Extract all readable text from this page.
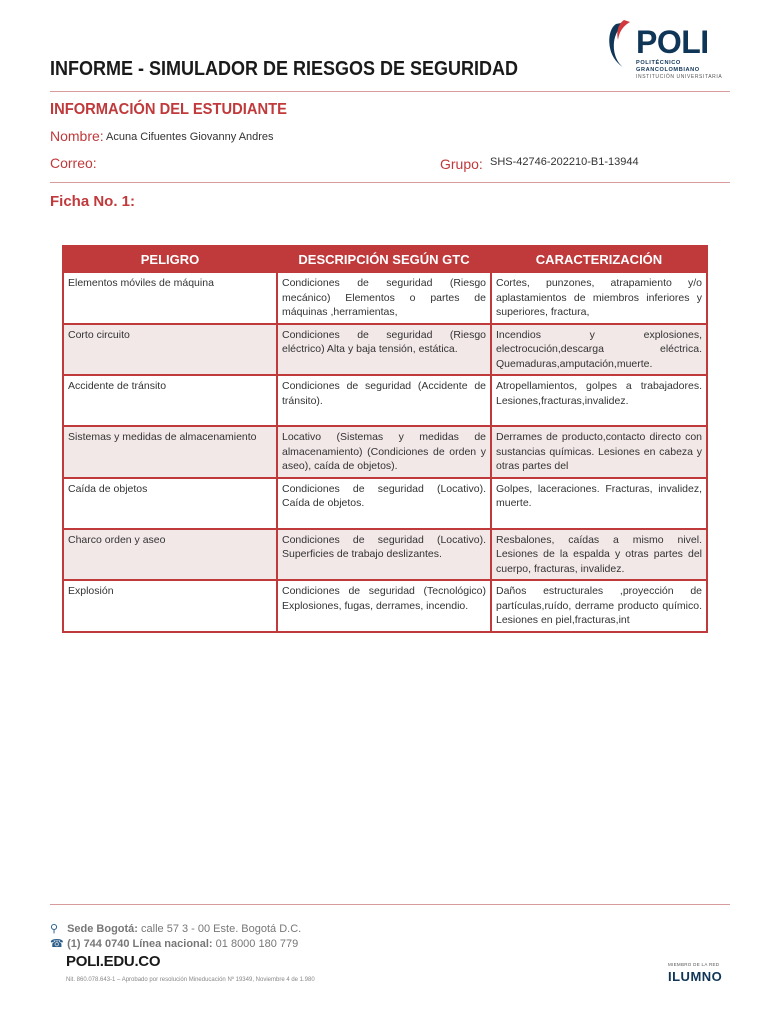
POLI
POLITÉCNICO
GRANCOLOMBIANO
INSTITUCIÓN UNIVERSITARIA
INFORME - SIMULADOR DE RIESGOS DE SEGURIDAD
INFORMACIÓN DEL ESTUDIANTE
Nombre: Acuna Cifuentes Giovanny Andres
Correo:	Grupo: SHS-42746-202210-B1-13944
Ficha No. 1:
PELIGRO	DESCRIPCIÓN SEGÚN GTC	CARACTERIZACIÓN
Elementos móviles de máquina	Condiciones de seguridad (Riesgo mecánico) Elementos o partes de máquinas ,herramientas,	Cortes, punzones, atrapamiento y/o aplastamientos de miembros inferiores y superiores, fractura,
Corto circuito	Condiciones de seguridad (Riesgo eléctrico) Alta y baja tensión, estática.	Incendios y explosiones, electrocución,descarga eléctrica. Quemaduras,amputación,muerte.
Accidente de tránsito	Condiciones de seguridad (Accidente de tránsito).	Atropellamientos, golpes a trabajadores. Lesiones,fracturas,invalidez.
Sistemas y medidas de almacenamiento	Locativo (Sistemas y medidas de almacenamiento) (Condiciones de orden y aseo), caída de objetos).	Derrames de producto,contacto directo con sustancias químicas. Lesiones en cabeza y otras partes del
Caída de objetos	Condiciones de seguridad (Locativo). Caída de objetos.	Golpes, laceraciones. Fracturas, invalidez, muerte.
Charco orden y aseo	Condiciones de seguridad (Locativo). Superficies de trabajo deslizantes.	Resbalones, caídas a mismo nivel. Lesiones de la espalda y otras partes del cuerpo, fracturas, invalidez.
Explosión	Condiciones de seguridad (Tecnológico) Explosiones, fugas, derrames, incendio.	Daños estructurales ,proyección de partículas,ruído, derrame producto químico. Lesiones en piel,fracturas,int
⚲ Sede Bogotá: calle 57 3 - 00 Este. Bogotá D.C.
☎ (1) 744 0740 Línea nacional: 01 8000 180 779
POLI.EDU.CO
Nit. 860.078.643-1 – Aprobado por resolución Mineducación Nº 19349, Noviembre 4 de 1.980
MIEMBRO DE LA RED
ILUMNO
